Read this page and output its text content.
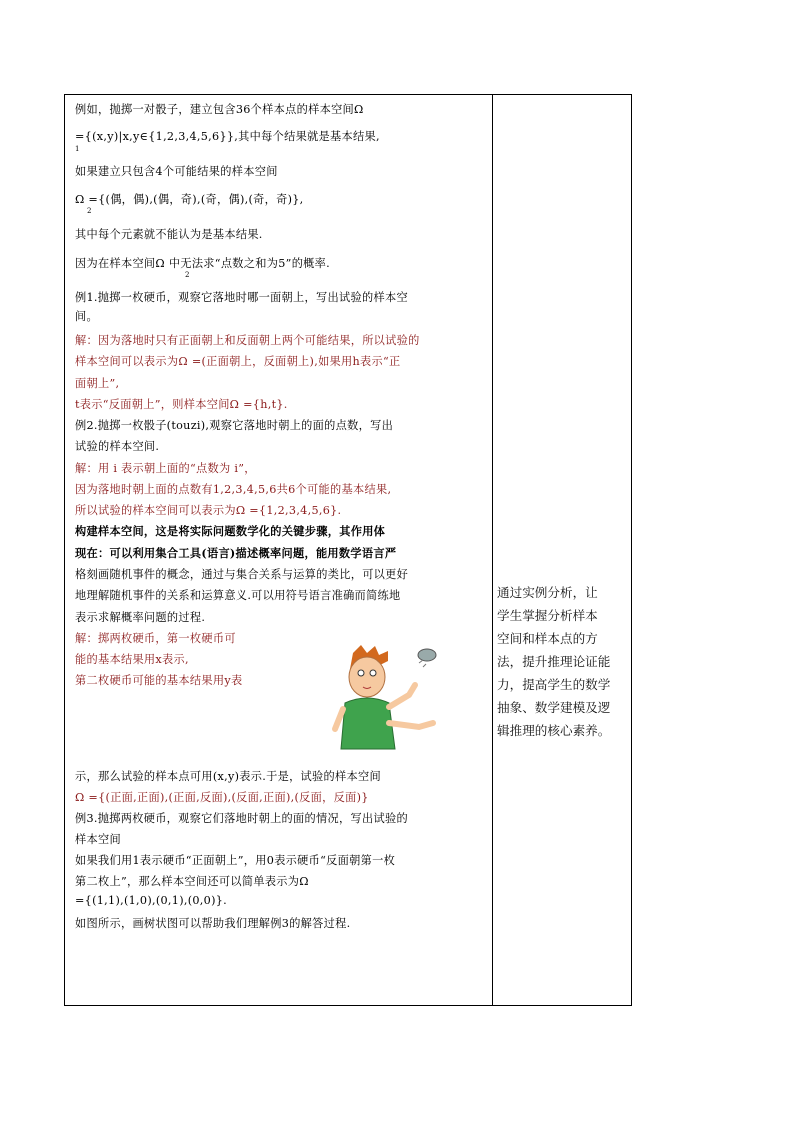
例如，抛掷一对骰子，建立包含36个样本点的样本空间Ω
={(x,y)|x,y∈{1,2,3,4,5,6}},其中每个结果就是基本结果,
1
如果建立只包含4个可能结果的样本空间
Ω ={(偶，偶),(偶，奇),(奇，偶),(奇，奇)},
2
其中每个元素就不能认为是基本结果.
因为在样本空间Ω 中无法求“点数之和为5”的概率.
2
例1.抛掷一枚硬币，观察它落地时哪一面朝上，写出试验的样本空
间。
解：因为落地时只有正面朝上和反面朝上两个可能结果，所以试验的
样本空间可以表示为Ω =(正面朝上，反面朝上),如果用h表示“正
面朝上”,
t表示“反面朝上”，则样本空间Ω ={h,t}.
例2.抛掷一枚骰子(touzi),观察它落地时朝上的面的点数，写出
试验的样本空间.
解：用 i 表示朝上面的“点数为 i”，
因为落地时朝上面的点数有1,2,3,4,5,6共6个可能的基本结果,
所以试验的样本空间可以表示为Ω ={1,2,3,4,5,6}.
构建样本空间，这是将实际问题数学化的关键步骤，其作用体
现在：可以利用集合工具(语言)描述概率问题，能用数学语言严
格刻画随机事件的概念，通过与集合关系与运算的类比，可以更好
地理解随机事件的关系和运算意义.可以用符号语言准确而简练地
表示求解概率问题的过程.
解：掷两枚硬币，第一枚硬币可
能的基本结果用x表示,
第二枚硬币可能的基本结果用y表
示，那么试验的样本点可用(x,y)表示.于是，试验的样本空间
Ω ={(正面,正面),(正面,反面),(反面,正面),(反面，反面)}
例3.抛掷两枚硬币，观察它们落地时朝上的面的情况，写出试验的
样本空间
如果我们用1表示硬币“正面朝上”，用0表示硬币“反面朝第一枚
第二枚上”，那么样本空间还可以简单表示为Ω
={(1,1),(1,0),(0,1),(0,0)}.
如图所示，画树状图可以帮助我们理解例3的解答过程.
通过实例分析，让
学生掌握分析样本
空间和样本点的方
法，提升推理论证能
力，提高学生的数学
抽象、数学建模及逻
辑推理的核心素养。
